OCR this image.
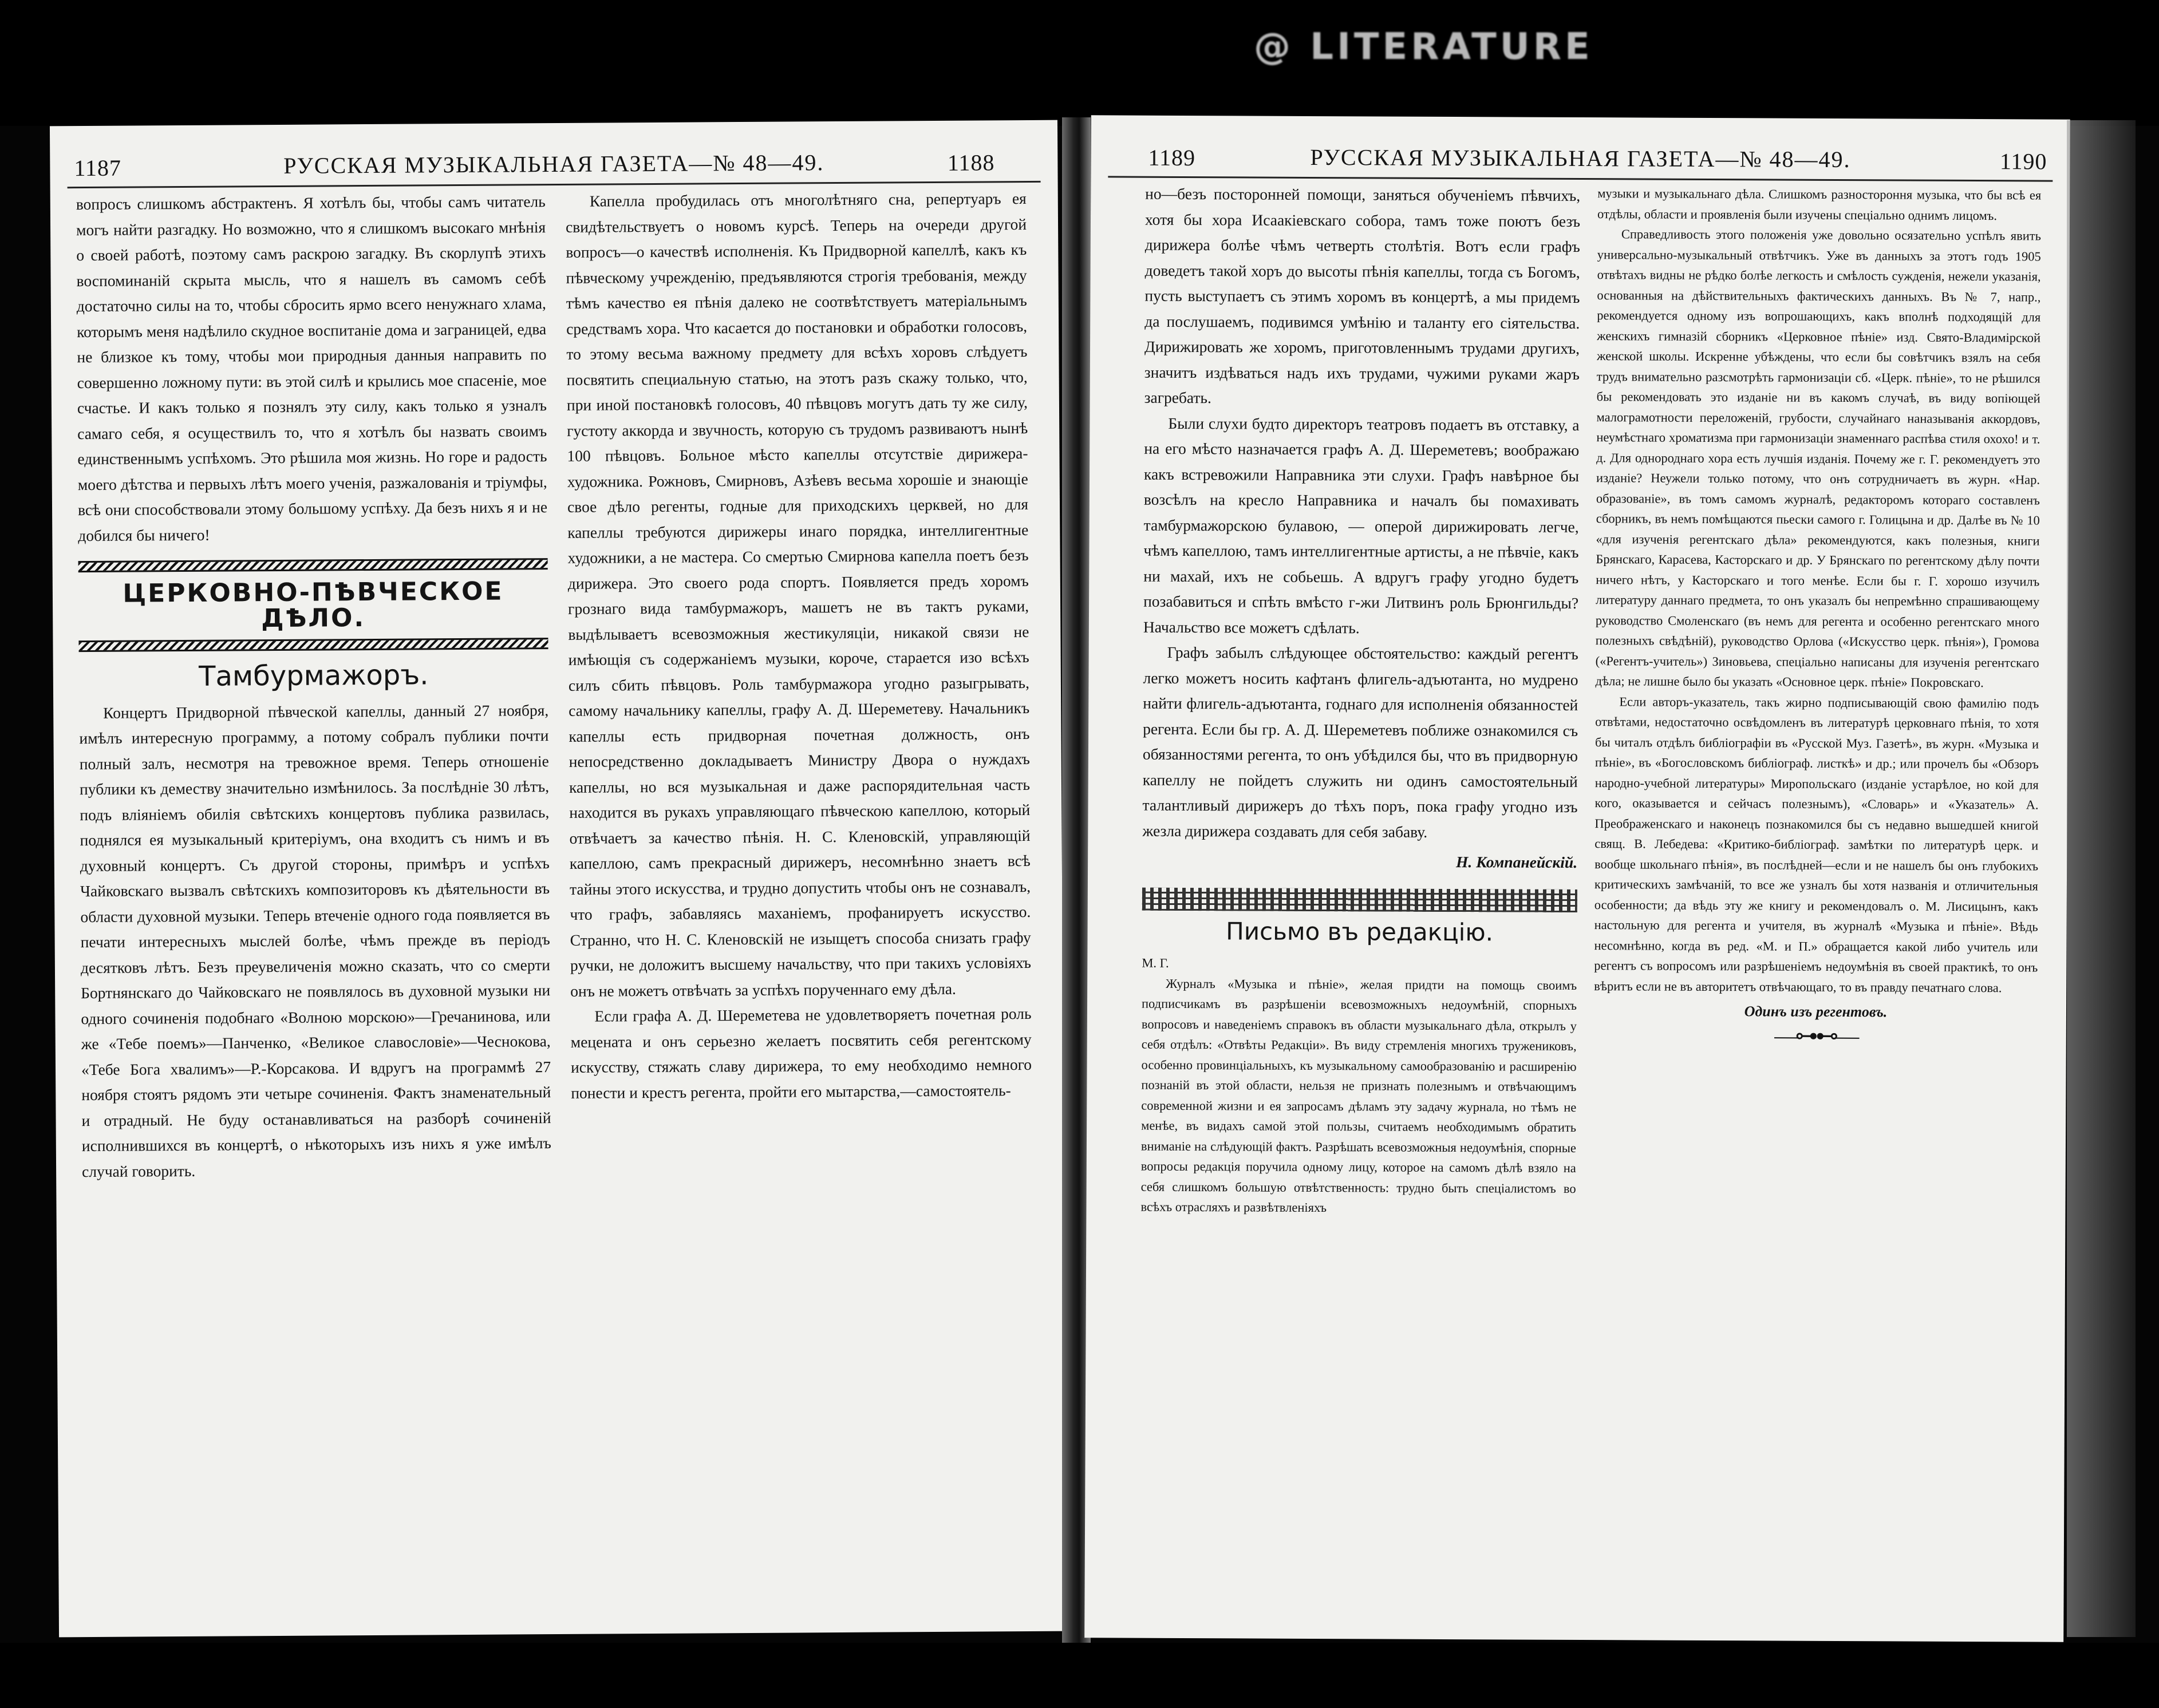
@ LITERATURE
1187	РУССКАЯ МУЗЫКАЛЬНАЯ ГАЗЕТА—№ 48—49.	1188

вопросъ слишкомъ абстрактенъ. Я хотѣлъ бы, чтобы самъ читатель могъ найти разгадку. Но возможно, что я слишкомъ высокаго мнѣнія о своей работѣ, поэтому самъ раскрою загадку. Въ скорлупѣ этихъ воспоминаній скрыта мысль, что я нашелъ въ самомъ себѣ достаточно силы на то, чтобы сбросить ярмо всего ненужнаго хлама, которымъ меня надѣлило скудное воспитаніе дома и заграницей, едва не близкое къ тому, чтобы мои природныя данныя направить по совершенно ложному пути: въ этой силѣ и крылись мое спасеніе, мое счастье. И какъ только я познялъ эту силу, какъ только я узналъ самаго себя, я осуществилъ то, что я хотѣлъ бы назвать своимъ единственнымъ успѣхомъ. Это рѣшила моя жизнь. Но горе и радость моего дѣтства и первыхъ лѣтъ моего ученія, разжалованія и тріумфы, всѣ они способствовали этому большому успѣху. Да безъ нихъ я и не добился бы ничего!

ЦЕРКОВНО-ПѢВЧЕСКОЕ ДѢЛО.
Тамбурмажоръ.

Концертъ Придворной пѣвческой капеллы, данный 27 ноября, имѣлъ интересную программу, а потому собралъ публики почти полный залъ, несмотря на тревожное время. Теперь отношеніе публики къ деместву значительно измѣнилось. За послѣдніе 30 лѣтъ, подъ вліяніемъ обилія свѣтскихъ концертовъ публика развилась, поднялся ея музыкальный критеріумъ, она входитъ съ нимъ и въ духовный концертъ. Съ другой стороны, примѣръ и успѣхъ Чайковскаго вызвалъ свѣтскихъ композиторовъ къ дѣятельности въ области духовной музыки. Теперь втеченіе одного года появляется въ печати интересныхъ мыслей болѣе, чѣмъ прежде въ періодъ десятковъ лѣтъ. Безъ преувеличенія можно сказать, что со смерти Бортнянскаго до Чайковскаго не появлялось въ духовной музыки ни одного сочиненія подобнаго «Волною морскою»—Гречанинова, или же «Тебе поемъ»—Панченко, «Великое славословіе»—Чеснокова, «Тебе Бога хвалимъ»—Р.-Корсакова. И вдругъ на программѣ 27 ноября стоятъ рядомъ эти четыре сочиненія. Фактъ знаменательный и отрадный. Не буду останавливаться на разборѣ сочиненій исполнившихся въ концертѣ, о нѣкоторыхъ изъ нихъ я уже имѣлъ случай говорить.

Капелла пробудилась отъ многолѣтняго сна, репертуаръ ея свидѣтельствуетъ о новомъ курсѣ. Теперь на очереди другой вопросъ—о качествѣ исполненія. Къ Придворной капеллѣ, какъ къ пѣвческому учрежденію, предъявляются строгія требованія, между тѣмъ качество ея пѣнія далеко не соотвѣтствуетъ матеріальнымъ средствамъ хора. Что касается до постановки и обработки голосовъ, то этому весьма важному предмету для всѣхъ хоровъ слѣдуетъ посвятить специальную статью, на этотъ разъ скажу только, что, при иной постановкѣ голосовъ, 40 пѣвцовъ могутъ дать ту же силу, густоту аккорда и звучность, которую съ трудомъ развиваютъ нынѣ 100 пѣвцовъ. Больное мѣсто капеллы отсутствіе дирижера-художника. Рожновъ, Смирновъ, Азѣевъ весьма хорошіе и знающіе свое дѣло регенты, годные для приходскихъ церквей, но для капеллы требуются дирижеры инаго порядка, интеллигентные художники, а не мастера. Со смертью Смирнова капелла поетъ безъ дирижера. Это своего рода спортъ. Появляется предъ хоромъ грознаго вида тамбурмажоръ, машетъ не въ тактъ руками, выдѣлываетъ всевозможныя жестикуляціи, никакой связи не имѣющія съ содержаніемъ музыки, короче, старается изо всѣхъ силъ сбить пѣвцовъ. Роль тамбурмажора угодно разыгрывать, самому начальнику капеллы, графу А. Д. Шереметеву. Начальникъ капеллы есть придворная почетная должность, онъ непосредственно докладываетъ Министру Двора о нуждахъ капеллы, но вся музыкальная и даже распорядительная часть находится въ рукахъ управляющаго пѣвческою капеллою, который отвѣчаетъ за качество пѣнія. Н. С. Кленовскій, управляющій капеллою, самъ прекрасный дирижеръ, несомнѣнно знаетъ всѣ тайны этого искусства, и трудно допустить чтобы онъ не сознавалъ, что графъ, забавляясь маханіемъ, профанируетъ искусство. Странно, что Н. С. Кленовскій не изыщетъ способа снизать графу ручки, не доложитъ высшему начальству, что при такихъ условіяхъ онъ не можетъ отвѣчать за успѣхъ порученнаго ему дѣла.

Если графа А. Д. Шереметева не удовлетворяетъ почетная роль мецената и онъ серьезно желаетъ посвятить себя регентскому искусству, стяжать славу дирижера, то ему необходимо немного понести и крестъ регента, пройти его мытарства,—самостоятель-

1189	РУССКАЯ МУЗЫКАЛЬНАЯ ГАЗЕТА—№ 48—49.	1190

но—безъ посторонней помощи, заняться обученіемъ пѣвчихъ, хотя бы хора Исаакіевскаго собора, тамъ тоже поютъ безъ дирижера болѣе чѣмъ четверть столѣтія. Вотъ если графъ доведетъ такой хоръ до высоты пѣнія капеллы, тогда съ Богомъ, пусть выступаетъ съ этимъ хоромъ въ концертѣ, а мы придемъ да послушаемъ, подивимся умѣнію и таланту его сіятельства. Дирижировать же хоромъ, приготовленнымъ трудами другихъ, значитъ издѣваться надъ ихъ трудами, чужими руками жаръ загребать.

Были слухи будто директоръ театровъ подаетъ въ отставку, а на его мѣсто назначается графъ А. Д. Шереметевъ; воображаю какъ встревожили Направника эти слухи. Графъ навѣрное бы возсѣлъ на кресло Направника и началъ бы помахивать тамбурмажорскою булавою, — оперой дирижировать легче, чѣмъ капеллою, тамъ интеллигентные артисты, а не пѣвчіе, какъ ни махай, ихъ не собьешь. А вдругъ графу угодно будетъ позабавиться и спѣть вмѣсто г-жи Литвинъ роль Брюнгильды? Начальство все можетъ сдѣлать.

Графъ забылъ слѣдующее обстоятельство: каждый регентъ легко можетъ носить кафтанъ флигель-адъютанта, но мудрено найти флигель-адъютанта, годнаго для исполненія обязанностей регента. Если бы гр. А. Д. Шереметевъ поближе ознакомился съ обязанностями регента, то онъ убѣдился бы, что въ придворную капеллу не пойдетъ служить ни одинъ самостоятельный талантливый дирижеръ до тѣхъ поръ, пока графу угодно изъ жезла дирижера создавать для себя забаву.

Н. Компанейскій.
Письмо въ редакцію.

М. Г.

Журналъ «Музыка и пѣніе», желая придти на помощь своимъ подписчикамъ въ разрѣшеніи всевозможныхъ недоумѣній, спорныхъ вопросовъ и наведеніемъ справокъ въ области музыкальнаго дѣла, открылъ у себя отдѣлъ: «Отвѣты Редакціи». Въ виду стремленія многихъ тружениковъ, особенно провинціальныхъ, къ музыкальному самообразованію и расширенію познаній въ этой области, нельзя не признать полезнымъ и отвѣчающимъ современной жизни и ея запросамъ дѣламъ эту задачу журнала, но тѣмъ не менѣе, въ видахъ самой этой пользы, считаемъ необходимымъ обратить вниманіе на слѣдующій фактъ. Разрѣшать всевозможныя недоумѣнія, спорные вопросы редакція поручила одному лицу, которое на самомъ дѣлѣ взяло на себя слишкомъ большую отвѣтственность: трудно быть спеціалистомъ во всѣхъ отрасляхъ и развѣтвленіяхъ

музыки и музыкальнаго дѣла. Слишкомъ разностороння музыка, что бы всѣ ея отдѣлы, области и проявленія были изучены спеціально однимъ лицомъ.

Справедливость этого положенія уже довольно осязательно успѣлъ явить универсально-музыкальный отвѣтчикъ. Уже въ данныхъ за этотъ годъ 1905 отвѣтахъ видны не рѣдко болѣе легкость и смѣлость сужденія, нежели указанія, основанныя на дѣйствительныхъ фактическихъ данныхъ. Въ № 7, напр., рекомендуется одному изъ вопрошающихъ, какъ вполнѣ подходящій для женскихъ гимназій сборникъ «Церковное пѣніе» изд. Свято-Владимірской женской школы. Искренне убѣждены, что если бы совѣтчикъ взялъ на себя трудъ внимательно разсмотрѣть гармонизаціи сб. «Церк. пѣніе», то не рѣшился бы рекомендовать это изданіе ни въ какомъ случаѣ, въ виду вопіющей малограмотности переложеній, грубости, случайнаго наназыванія аккордовъ, неумѣстнаго хроматизма при гармонизаціи знаменнаго распѣва стиля охохо! и т. д. Для однороднаго хора есть лучшія изданія. Почему же г. Г. рекомендуетъ это изданіе? Неужели только потому, что онъ сотрудничаетъ въ журн. «Нар. образованіе», въ томъ самомъ журналѣ, редакторомъ котораго составленъ сборникъ, въ немъ помѣщаются пьески самого г. Голицына и др. Далѣе въ № 10 «для изученія регентскаго дѣла» рекомендуются, какъ полезныя, книги Брянскаго, Карасева, Касторскаго и др. У Брянскаго по регентскому дѣлу почти ничего нѣтъ, у Касторскаго и того менѣе. Если бы г. Г. хорошо изучилъ литературу даннаго предмета, то онъ указалъ бы непремѣнно спрашивающему руководство Смоленскаго (въ немъ для регента и особенно регентскаго много полезныхъ свѣдѣній), руководство Орлова («Искусство церк. пѣнія»), Громова («Регентъ-учитель») Зиновьева, спеціально написаны для изученія регентскаго дѣла; не лишне было бы указать «Основное церк. пѣніе» Покровскаго.

Если авторъ-указатель, такъ жирно подписывающій свою фамилію подъ отвѣтами, недостаточно освѣдомленъ въ литературѣ церковнаго пѣнія, то хотя бы читалъ отдѣлъ библіографіи въ «Русской Муз. Газетѣ», въ журн. «Музыка и пѣніе», въ «Богословскомъ библіограф. листкѣ» и др.; или прочелъ бы «Обзоръ народно-учебной литературы» Миропольскаго (изданіе устарѣлое, но кой для кого, оказывается и сейчасъ полезнымъ), «Словарь» и «Указатель» А. Преображенскаго и наконецъ познакомился бы съ недавно вышедшей книгой свящ. В. Лебедева: «Критико-библіограф. замѣтки по литературѣ церк. и вообще школьнаго пѣнія», въ послѣдней—если и не нашелъ бы онъ глубокихъ критическихъ замѣчаній, то все же узналъ бы хотя названія и отличительныя особенности; да вѣдь эту же книгу и рекомендовалъ о. М. Лисицынъ, какъ настольную для регента и учителя, въ журналѣ «Музыка и пѣніе». Вѣдь несомнѣнно, когда въ ред. «М. и П.» обращается какой либо учитель или регентъ съ вопросомъ или разрѣшеніемъ недоумѣнія въ своей практикѣ, то онъ вѣритъ если не въ авторитетъ отвѣчающаго, то въ правду печатнаго слова.

Одинъ изъ регентовъ.
—⊶⊷—
